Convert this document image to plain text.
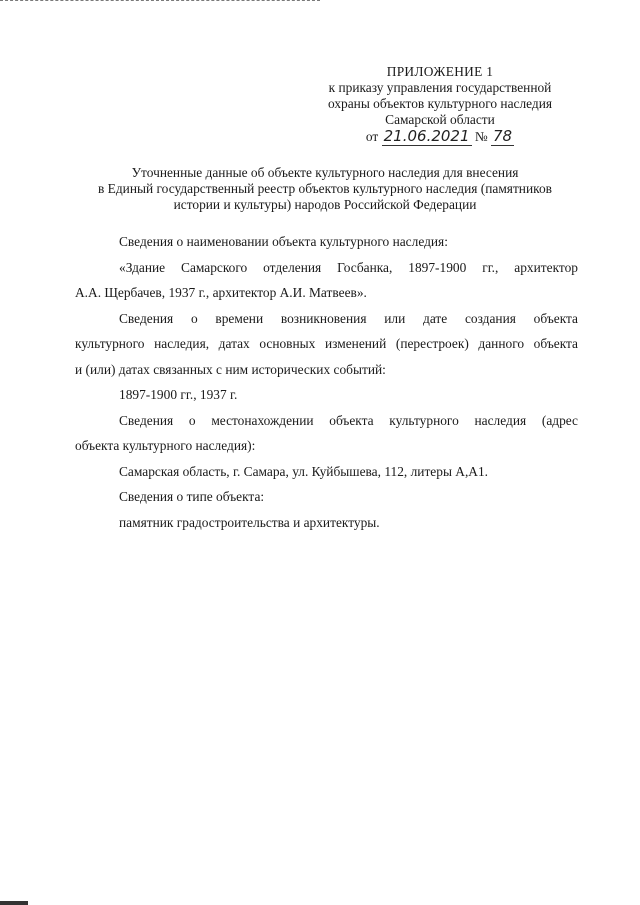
ПРИЛОЖЕНИЕ 1
к приказу управления государственной
охраны объектов культурного наследия
Самарской области
от 21.06.2021 № 78
Уточненные данные об объекте культурного наследия для внесения
в Единый государственный реестр объектов культурного наследия (памятников
истории и культуры) народов Российской Федерации

Сведения о наименовании объекта культурного наследия:

«Здание Самарского отделения Госбанка, 1897-1900 гг., архитектор

А.А. Щербачев, 1937 г., архитектор А.И. Матвеев».

Сведения о времени возникновения или дате создания объекта

культурного наследия, датах основных изменений (перестроек) данного объекта

и (или) датах связанных с ним исторических событий:

1897-1900 гг., 1937 г.

Сведения о местонахождении объекта культурного наследия (адрес

объекта культурного наследия):

Самарская область, г. Самара, ул. Куйбышева, 112, литеры А,А1.

Сведения о типе объекта:

памятник градостроительства и архитектуры.
